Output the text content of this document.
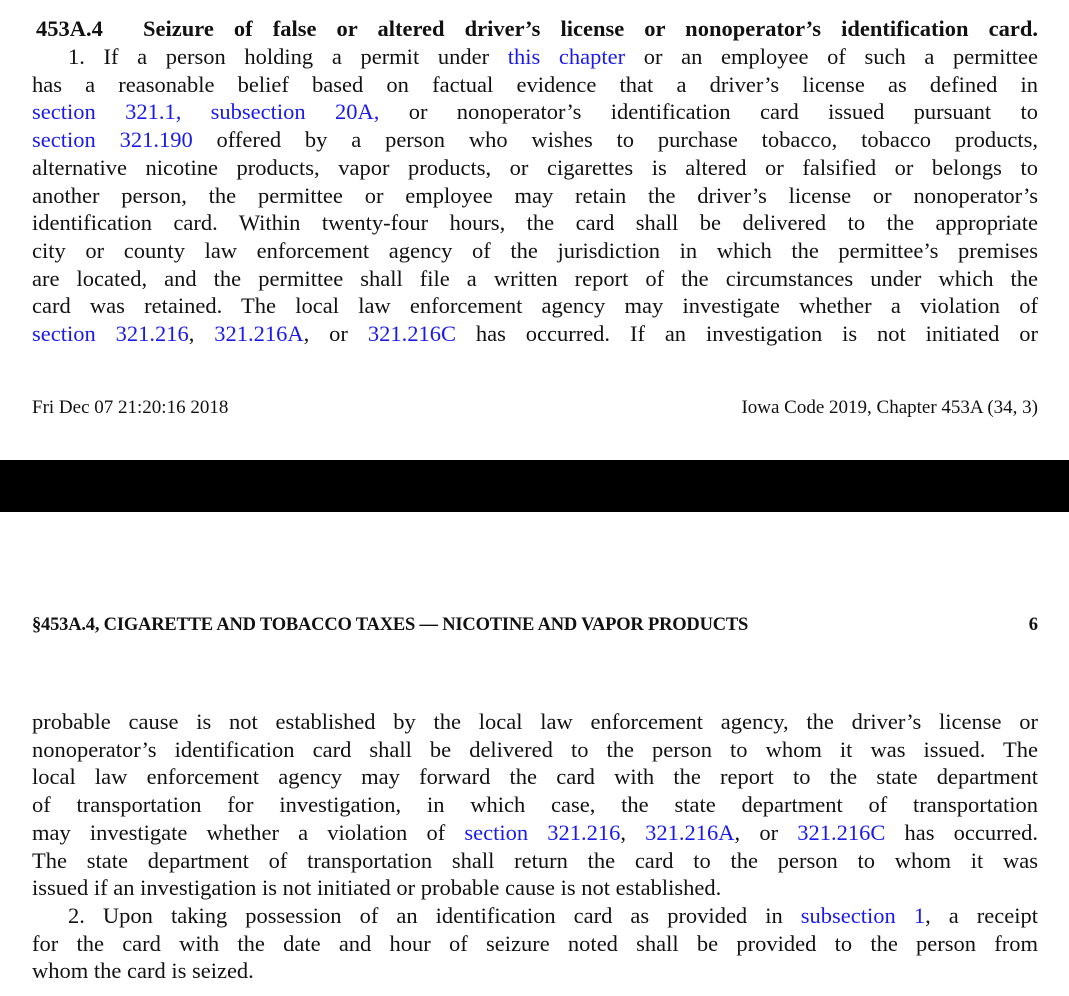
453A.4 Seizure of false or altered driver’s license or nonoperator’s identification card.
1. If a person holding a permit under this chapter or an employee of such a permittee
has a reasonable belief based on factual evidence that a driver’s license as defined in
section 321.1, subsection 20A, or nonoperator’s identification card issued pursuant to
section 321.190 offered by a person who wishes to purchase tobacco, tobacco products,
alternative nicotine products, vapor products, or cigarettes is altered or falsified or belongs to
another person, the permittee or employee may retain the driver’s license or nonoperator’s
identification card. Within twenty-four hours, the card shall be delivered to the appropriate
city or county law enforcement agency of the jurisdiction in which the permittee’s premises
are located, and the permittee shall file a written report of the circumstances under which the
card was retained. The local law enforcement agency may investigate whether a violation of
section 321.216, 321.216A, or 321.216C has occurred. If an investigation is not initiated or
Fri Dec 07 21:20:16 2018	Iowa Code 2019, Chapter 453A (34, 3)
§453A.4, CIGARETTE AND TOBACCO TAXES — NICOTINE AND VAPOR PRODUCTS	6
probable cause is not established by the local law enforcement agency, the driver’s license or
nonoperator’s identification card shall be delivered to the person to whom it was issued. The
local law enforcement agency may forward the card with the report to the state department
of transportation for investigation, in which case, the state department of transportation
may investigate whether a violation of section 321.216, 321.216A, or 321.216C has occurred.
The state department of transportation shall return the card to the person to whom it was
issued if an investigation is not initiated or probable cause is not established.
2. Upon taking possession of an identification card as provided in subsection 1, a receipt
for the card with the date and hour of seizure noted shall be provided to the person from
whom the card is seized.
